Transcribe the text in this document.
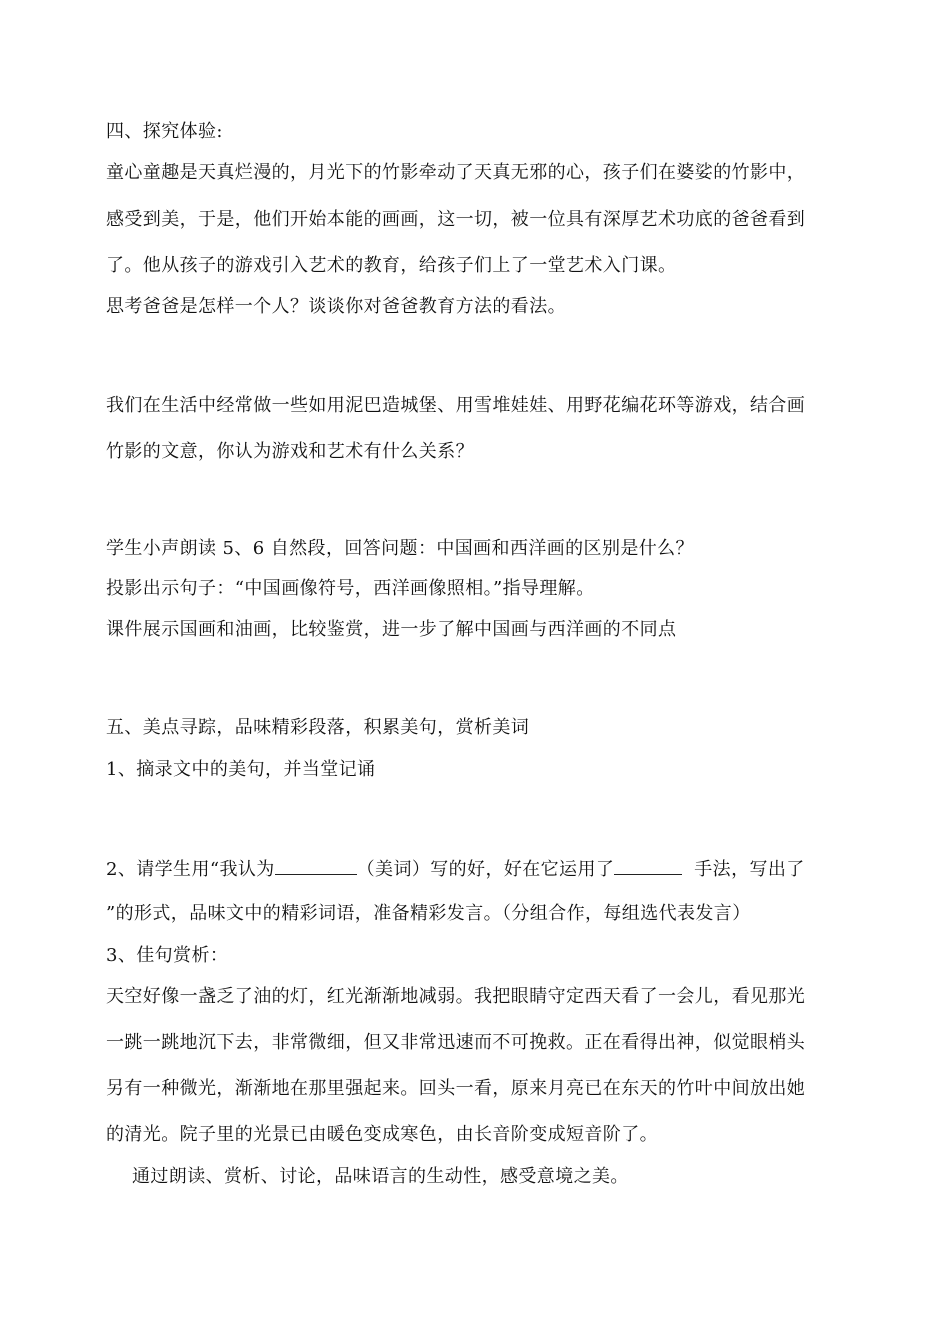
四、探究体验:
童心童趣是天真烂漫的，月光下的竹影牵动了天真无邪的心，孩子们在婆娑的竹影中，
感受到美，于是，他们开始本能的画画，这一切，被一位具有深厚艺术功底的爸爸看到
了。他从孩子的游戏引入艺术的教育，给孩子们上了一堂艺术入门课。
思考爸爸是怎样一个人？谈谈你对爸爸教育方法的看法。
我们在生活中经常做一些如用泥巴造城堡、用雪堆娃娃、用野花编花环等游戏，结合画
竹影的文意，你认为游戏和艺术有什么关系？
学生小声朗读 5、6 自然段，回答问题：中国画和西洋画的区别是什么？
投影出示句子：“中国画像符号，西洋画像照相。”指导理解。
课件展示国画和油画，比较鉴赏，进一步了解中国画与西洋画的不同点
五、美点寻踪，品味精彩段落，积累美句，赏析美词
1、摘录文中的美句，并当堂记诵
2、请学生用“我认为	（美词）写的好，好在它运用了	手法，写出了
”的形式，品味文中的精彩词语，准备精彩发言。（分组合作，每组选代表发言）
3、佳句赏析：
天空好像一盏乏了油的灯，红光渐渐地减弱。我把眼睛守定西天看了一会儿，看见那光
一跳一跳地沉下去，非常微细，但又非常迅速而不可挽救。正在看得出神，似觉眼梢头
另有一种微光，渐渐地在那里强起来。回头一看，原来月亮已在东天的竹叶中间放出她
的清光。院子里的光景已由暖色变成寒色，由长音阶变成短音阶了。
通过朗读、赏析、讨论，品味语言的生动性，感受意境之美。
